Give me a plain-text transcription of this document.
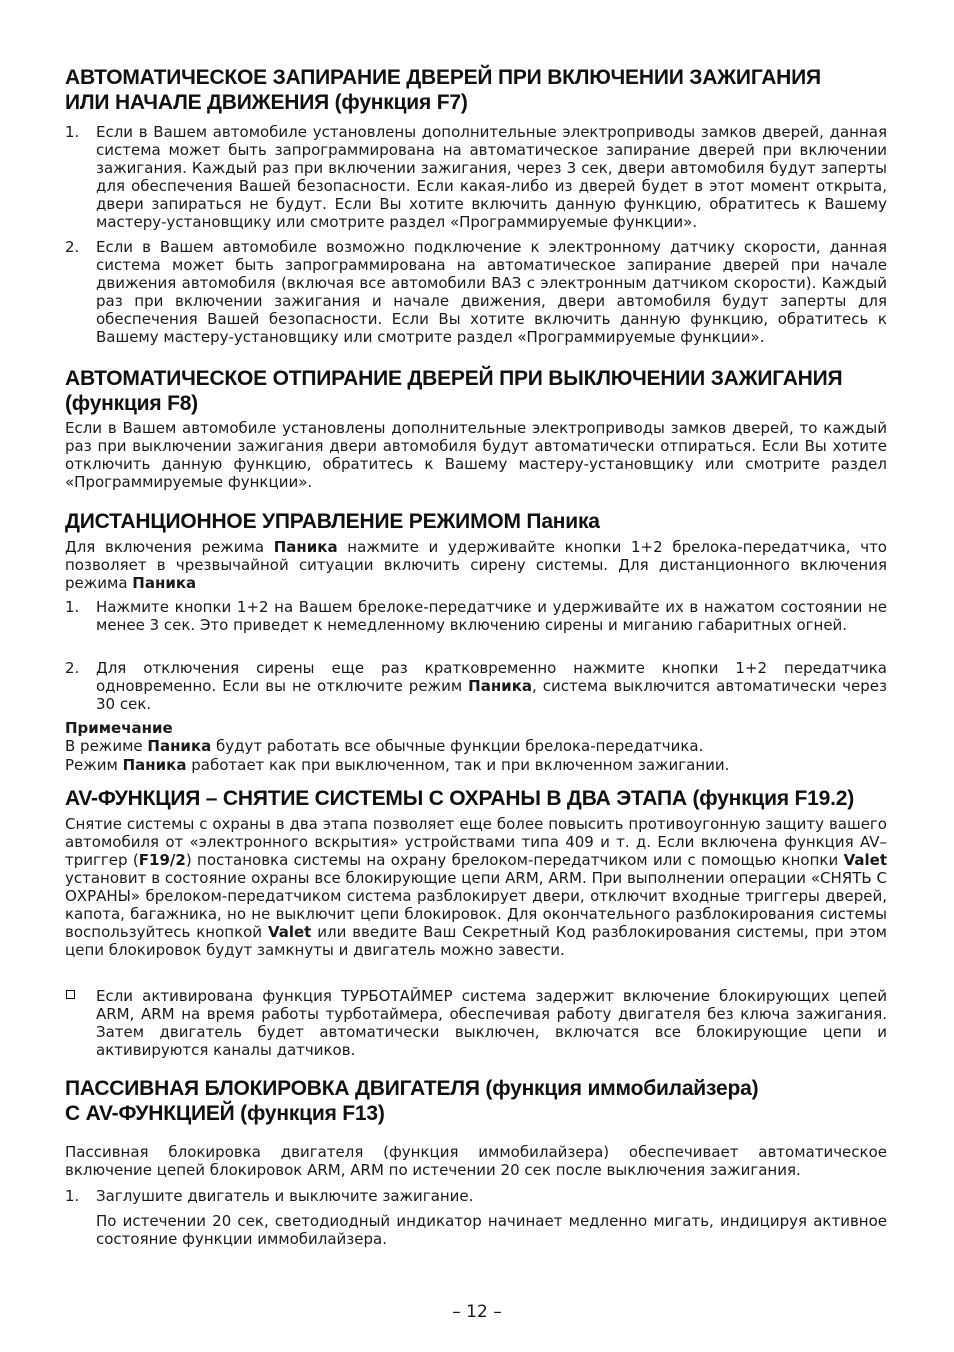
АВТОМАТИЧЕСКОЕ ЗАПИРАНИЕ ДВЕРЕЙ ПРИ ВКЛЮЧЕНИИ ЗАЖИГАНИЯ
ИЛИ НАЧАЛЕ ДВИЖЕНИЯ (функция F7)
1.	Если в Вашем автомобиле установлены дополнительные электроприводы замков дверей, данная система может быть запрограммирована на автоматическое запирание дверей при включении зажигания. Каждый раз при включении зажигания, через 3 сек, двери автомобиля будут заперты для обеспечения Вашей безопасности. Если какая-либо из дверей будет в этот момент открыта, двери запираться не будут. Если Вы хотите включить данную функцию, обратитесь к Вашему мастеру-установщику или смотрите раздел «Программируемые функции».
2.	Если в Вашем автомобиле возможно подключение к электронному датчику скорости, данная система может быть запрограммирована на автоматическое запирание дверей при начале движения автомобиля (включая все автомобили ВАЗ с электронным датчиком скорости). Каждый раз при включении зажигания и начале движения, двери автомобиля будут заперты для обеспечения Вашей безопасности. Если Вы хотите включить данную функцию, обратитесь к Вашему мастеру-установщику или смотрите раздел «Программируемые функции».
АВТОМАТИЧЕСКОЕ ОТПИРАНИЕ ДВЕРЕЙ ПРИ ВЫКЛЮЧЕНИИ ЗАЖИГАНИЯ
(функция F8)
Если в Вашем автомобиле установлены дополнительные электроприводы замков дверей, то каждый раз при выключении зажигания двери автомобиля будут автоматически отпираться. Если Вы хотите отключить данную функцию, обратитесь к Вашему мастеру-установщику или смотрите раздел «Программируемые функции».
ДИСТАНЦИОННОЕ УПРАВЛЕНИЕ РЕЖИМОМ Паника
Для включения режима Паника нажмите и удерживайте кнопки 1+2 брелока-передатчика, что позволяет в чрезвычайной ситуации включить сирену системы. Для дистанционного включения режима Паника
1.	Нажмите кнопки 1+2 на Вашем брелоке-передатчике и удерживайте их в нажатом состоянии не менее 3 сек. Это приведет к немедленному включению сирены и миганию габаритных огней.
2.	Для отключения сирены еще раз кратковременно нажмите кнопки 1+2 передатчика одновременно. Если вы не отключите режим Паника, система выключится автоматически через 30 сек.
Примечание
В режиме Паника будут работать все обычные функции брелока-передатчика.
Режим Паника работает как при выключенном, так и при включенном зажигании.
AV-ФУНКЦИЯ – СНЯТИЕ СИСТЕМЫ С ОХРАНЫ В ДВА ЭТАПА (функция F19.2)
Снятие системы с охраны в два этапа позволяет еще более повысить противоугонную защиту вашего автомобиля от «электронного вскрытия» устройствами типа 409 и т. д. Если включена функция AV–триггер (F19/2) постановка системы на охрану брелоком-передатчиком или с помощью кнопки Valet установит в состояние охраны все блокирующие цепи ARM, ARM. При выполнении операции «СНЯТЬ С ОХРАНЫ» брелоком-передатчиком система разблокирует двери, отключит входные триггеры дверей, капота, багажника, но не выключит цепи блокировок. Для окончательного разблокирования системы воспользуйтесь кнопкой Valet или введите Ваш Секретный Код разблокирования системы, при этом цепи блокировок будут замкнуты и двигатель можно завести.
Если активирована функция ТУРБОТАЙМЕР система задержит включение блокирующих цепей ARM, ARM на время работы турботаймера, обеспечивая работу двигателя без ключа зажигания. Затем двигатель будет автоматически выключен, включатся все блокирующие цепи и активируются каналы датчиков.
ПАССИВНАЯ БЛОКИРОВКА ДВИГАТЕЛЯ (функция иммобилайзера)
С AV-ФУНКЦИЕЙ (функция F13)
Пассивная блокировка двигателя (функция иммобилайзера) обеспечивает автоматическое включение цепей блокировок ARM, ARM по истечении 20 сек после выключения зажигания.
1.	Заглушите двигатель и выключите зажигание.
По истечении 20 сек, светодиодный индикатор начинает медленно мигать, индицируя активное состояние функции иммобилайзера.
– 12 –
